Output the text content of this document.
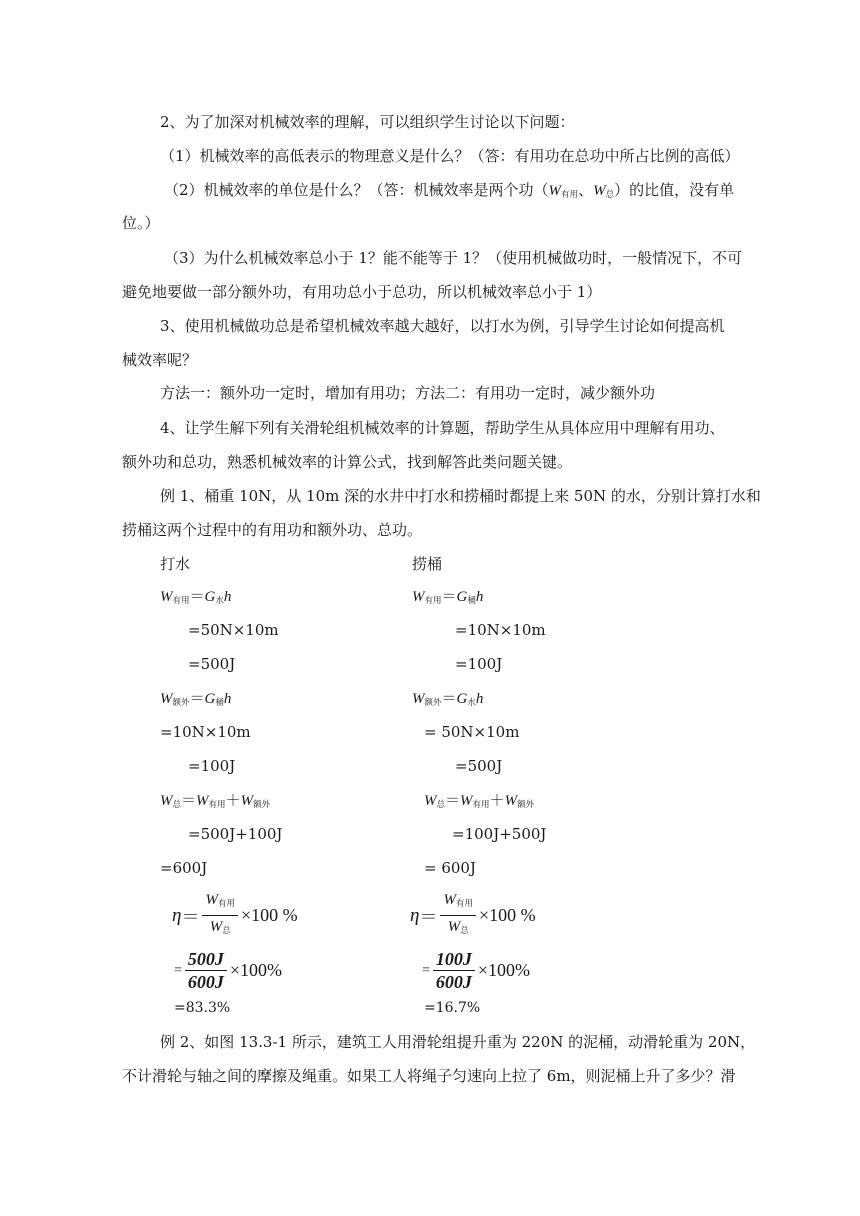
2、为了加深对机械效率的理解，可以组织学生讨论以下问题：
（1）机械效率的高低表示的物理意义是什么？（答：有用功在总功中所占比例的高低）
（2）机械效率的单位是什么？（答：机械效率是两个功（$W_{有用}$、$W_总$）的比值，没有单
位。）
（3）为什么机械效率总小于 1？能不能等于 1？（使用机械做功时，一般情况下，不可
避免地要做一部分额外功，有用功总小于总功，所以机械效率总小于 1）
3、使用机械做功总是希望机械效率越大越好，以打水为例，引导学生讨论如何提高机
械效率呢？
方法一：额外功一定时，增加有用功；方法二：有用功一定时，减少额外功
4、让学生解下列有关滑轮组机械效率的计算题，帮助学生从具体应用中理解有用功、
额外功和总功，熟悉机械效率的计算公式，找到解答此类问题关键。
例 1、桶重 10N，从 10m 深的水井中打水和捞桶时都提上来 50N 的水，分别计算打水和
捞桶这两个过程中的有用功和额外功、总功。
打水	捞桶
$W_{有用}=G_水h$	$W_{有用}=G_桶h$
=50N×10m	=10N×10m
=500J	=100J
$W_{额外}=G_桶h$	$W_{额外}=G_水h$
=10N×10m	= 50N×10m
=100J	=500J
$W_总=W_{有用}+W_{额外}$	$W_总=W_{有用}+W_{额外}$
=500J+100J	=100J+500J
=600J	= 600J
$\eta = \frac{W_{有用}}{W_总} \times 100$ %	$\eta = \frac{W_{有用}}{W_总} \times 100$ %
= $\frac{500J}{600J} \times 100\%$	= $\frac{100J}{600J} \times 100\%$
=83.3%	=16.7%
例 2、如图 13.3-1 所示，建筑工人用滑轮组提升重为 220N 的泥桶，动滑轮重为 20N，
不计滑轮与轴之间的摩擦及绳重。如果工人将绳子匀速向上拉了 6m，则泥桶上升了多少？滑
